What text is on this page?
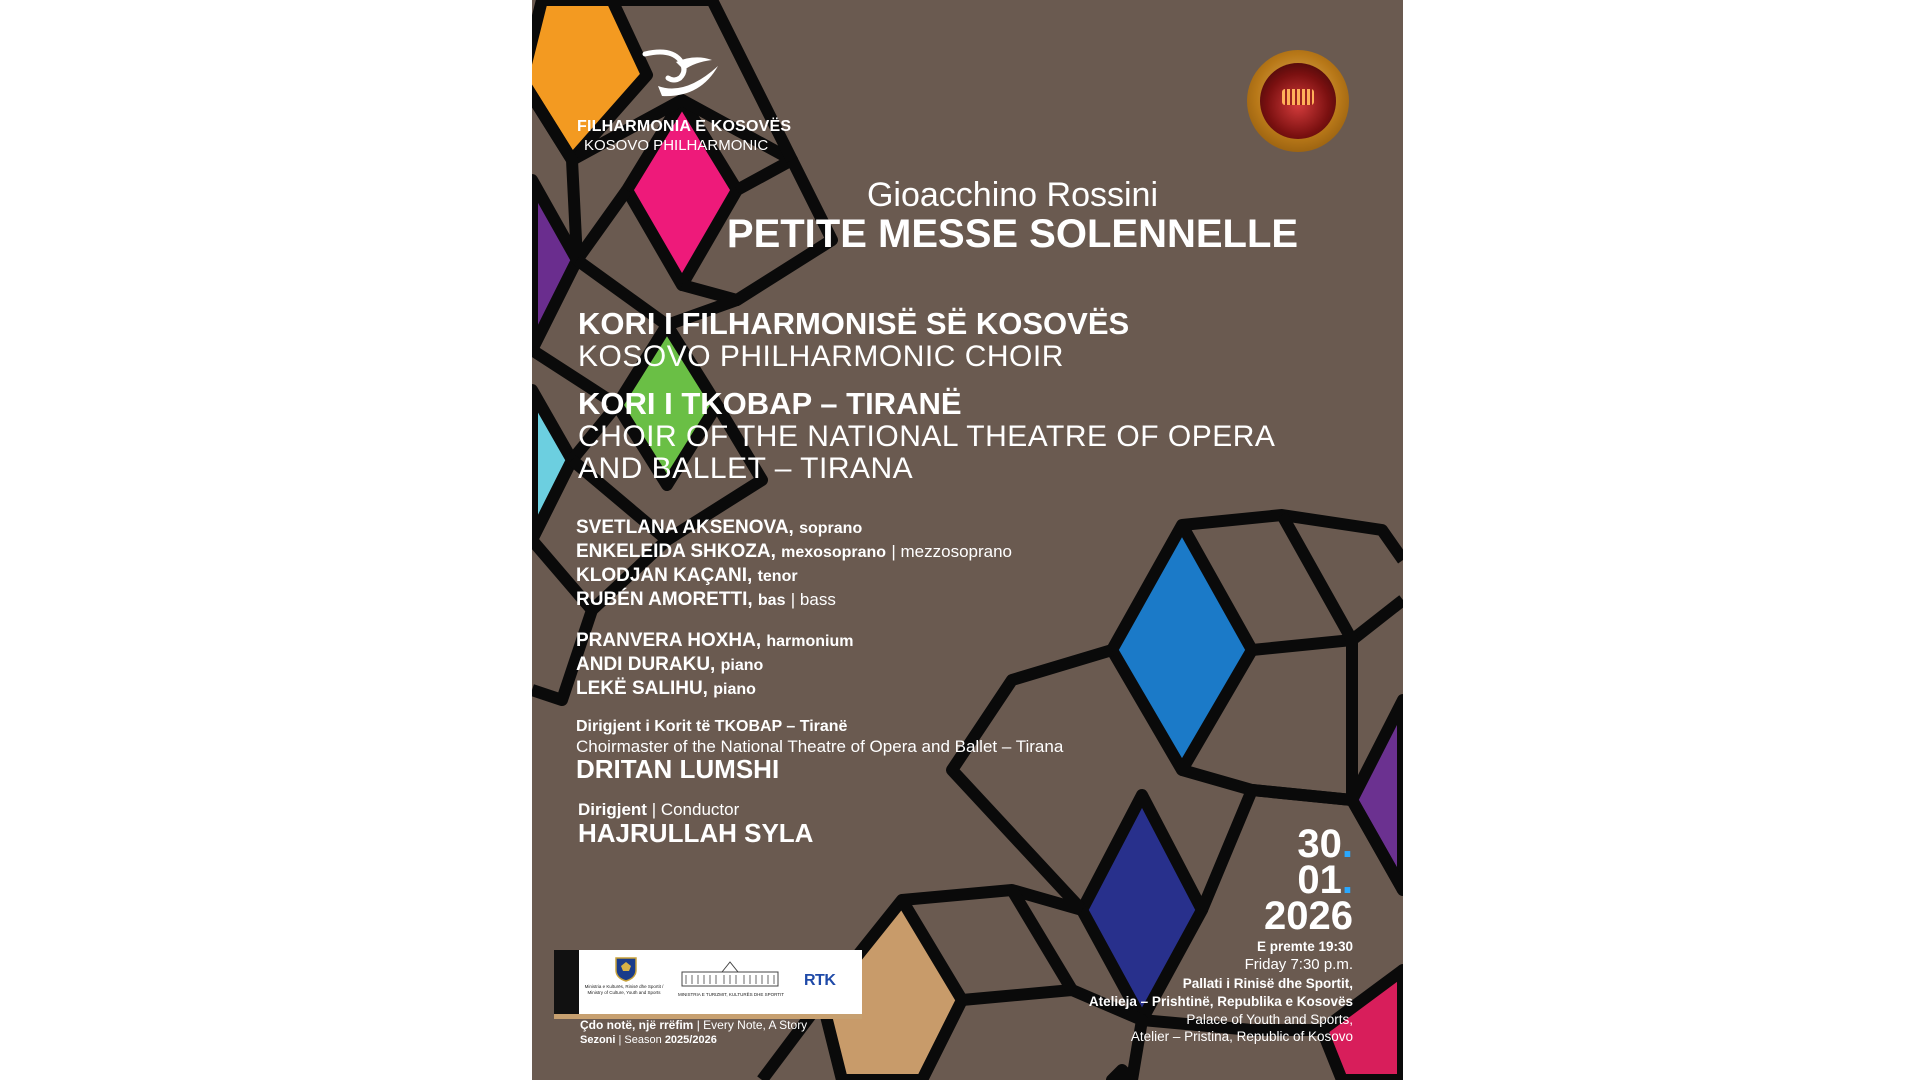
FILHARMONIA E KOSOVËS
KOSOVO PHILHARMONIC
Gioacchino Rossini
PETITE MESSE SOLENNELLE
KORI I FILHARMONISË SË KOSOVËS
KOSOVO PHILHARMONIC CHOIR
KORI I TKOBAP – TIRANË
CHOIR OF THE NATIONAL THEATRE OF OPERA
AND BALLET – TIRANA
SVETLANA AKSENOVA, soprano
ENKELEIDA SHKOZA, mexosoprano | mezzosoprano
KLODJAN KAÇANI, tenor
RUBÉN AMORETTI, bas | bass
PRANVERA HOXHA, harmonium
ANDI DURAKU, piano
LEKË SALIHU, piano
Dirigjent i Korit të TKOBAP – Tiranë
Choirmaster of the National Theatre of Opera and Ballet – Tirana
DRITAN LUMSHI
Dirigjent | Conductor
HAJRULLAH SYLA	30.
01.
2026
E premte 19:30
Friday 7:30 p.m.
Pallati i Rinisë dhe Sportit,
Atelieja – Prishtinë, Republika e Kosovës
Palace of Youth and Sports,
Atelier – Pristina, Republic of Kosovo
Ministria e Kulturës, Rinisë dhe Sportit / Ministry of Culture, Youth and Sports	MINISTRIA E TURIZMIT, KULTURËS DHE SPORTIT
RTK
Çdo notë, një rrëfim | Every Note, A Story
Sezoni | Season 2025/2026
